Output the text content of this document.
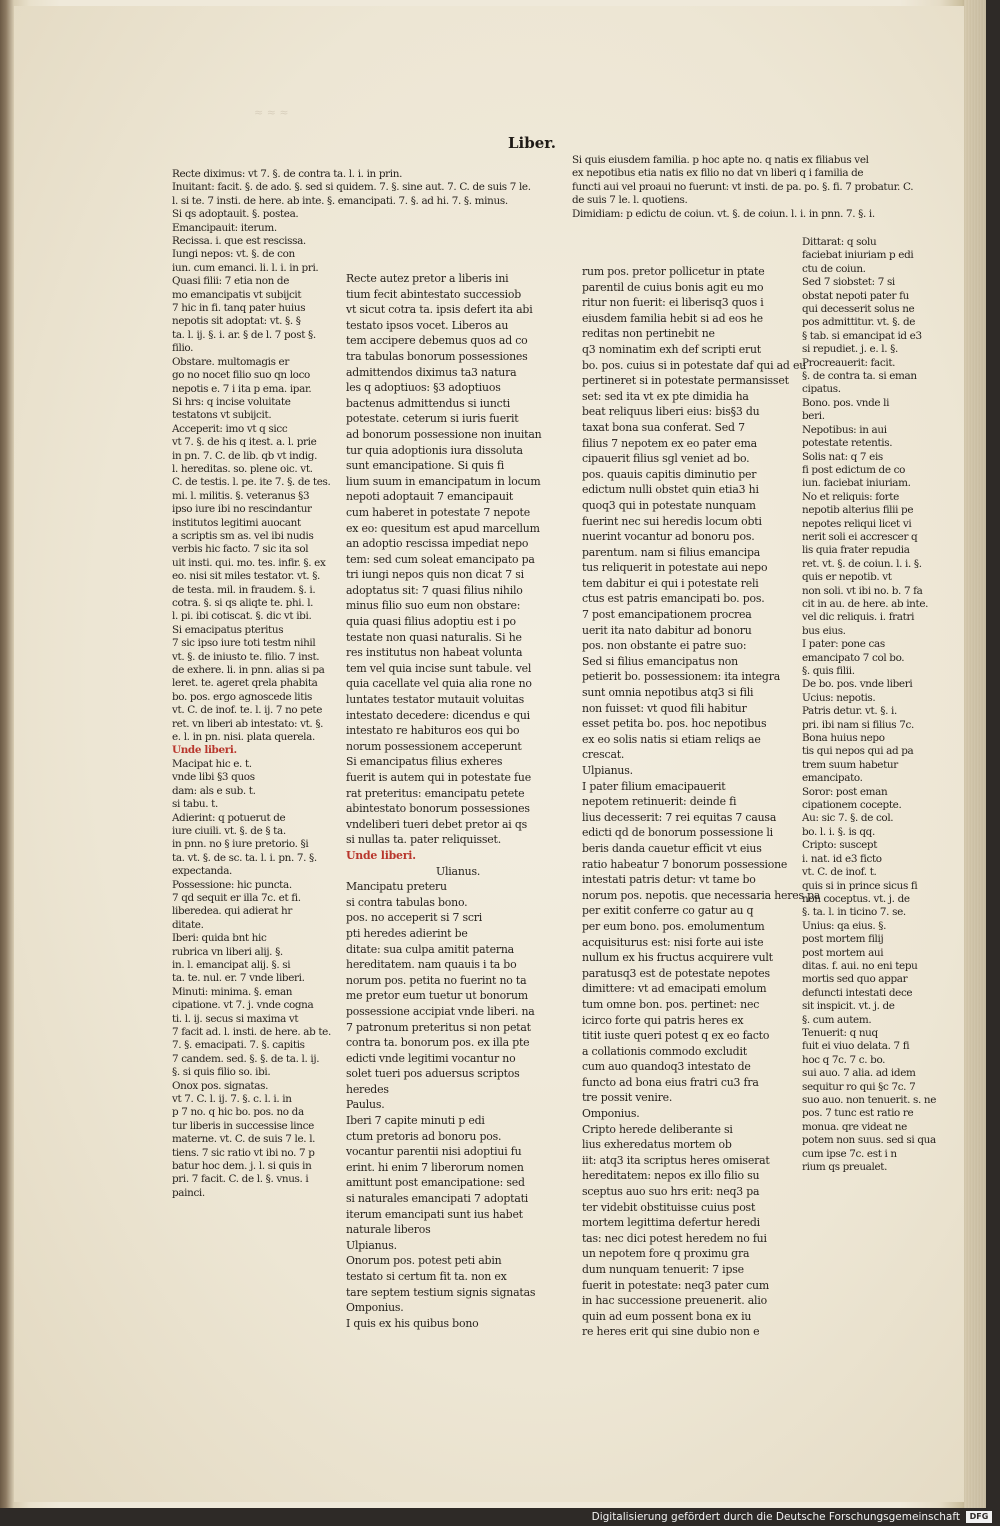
≈ ≈ ≈
Liber.

Si quis eiusdem familia. p hoc apte no. q natis ex filiabus vel

ex nepotibus etia natis ex filio no dat vn liberi q i familia de

functi aui vel proaui no fuerunt: vt insti. de pa. po. §. fi. 7 probatur. C.

de suis 7 le. l. quotiens.

Dimidiam: p edictu de coiun. vt. §. de coiun. l. i. in pnn. 7. §. i.

Recte diximus: vt 7. §. de contra ta. l. i. in prin.

Inuitant: facit. §. de ado. §. sed si quidem. 7. §. sine aut. 7. C. de suis 7 le.

l. si te. 7 insti. de here. ab inte. §. emancipati. 7. §. ad hi. 7. §. minus.

Si qs adoptauit. §. postea.

Emancipauit: iterum.

Recissa. i. que est rescissa.

Iungi nepos: vt. §. de con

iun. cum emanci. li. l. i. in pri.

Quasi filii: 7 etia non de

mo emancipatis vt subijcit

7 hic in fi. tanq pater huius

nepotis sit adoptat: vt. §. §

ta. l. ij. §. i. ar. § de l. 7 post §.

filio.

Obstare. multomagis er

go no nocet filio suo qn loco

nepotis e. 7 i ita p ema. ipar.

Si hrs: q incise voluitate

testatons vt subijcit.

Acceperit: imo vt q sicc

vt 7. §. de his q itest. a. l. prie

in pn. 7. C. de lib. qb vt indig.

l. hereditas. so. plene oic. vt.

C. de testis. l. pe. ite 7. §. de tes.

mi. l. militis. §. veteranus §3

ipso iure ibi no rescindantur

institutos legitimi auocant

a scriptis sm as. vel ibi nudis

verbis hic facto. 7 sic ita sol

uit insti. qui. mo. tes. infir. §. ex

eo. nisi sit miles testator. vt. §.

de testa. mil. in fraudem. §. i.

cotra. §. si qs aliqte te. phi. l.

l. pi. ibi cotiscat. §. dic vt ibi.

Si emacipatus pteritus

7 sic ipso iure toti testm nihil

vt. §. de iniusto te. filio. 7 inst.

de exhere. li. in pnn. alias si pa

leret. te. ageret qrela phabita

bo. pos. ergo agnoscede litis

vt. C. de inof. te. l. ij. 7 no pete

ret. vn liberi ab intestato: vt. §.

e. l. in pn. nisi. plata querela.

Unde liberi.

Macipat hic e. t.

vnde libi §3 quos

dam: als e sub. t.

si tabu. t.

Adierint: q potuerut de

iure ciuili. vt. §. de § ta.

in pnn. no § iure pretorio. §i

ta. vt. §. de sc. ta. l. i. pn. 7. §.

expectanda.

Possessione: hic puncta.

7 qd sequit er illa 7c. et fi.

liberedea. qui adierat hr

ditate.

Iberi: quida bnt hic

rubrica vn liberi alij. §.

in. l. emancipat alij. §. si

ta. te. nul. er. 7 vnde liberi.

Minuti: minima. §. eman

cipatione. vt 7. j. vnde cogna

ti. l. ij. secus si maxima vt

7 facit ad. l. insti. de here. ab te.

7. §. emacipati. 7. §. capitis

7 candem. sed. §. §. de ta. l. ij.

§. si quis filio so. ibi.

Onox pos. signatas.

vt 7. C. l. ij. 7. §. c. l. i. in

p 7 no. q hic bo. pos. no da

tur liberis in successise lince

materne. vt. C. de suis 7 le. l.

tiens. 7 sic ratio vt ibi no. 7 p

batur hoc dem. j. l. si quis in

pri. 7 facit. C. de l. §. vnus. i

painci.

Recte autez pretor a liberis ini

tium fecit abintestato successiob

vt sicut cotra ta. ipsis defert ita abi

testato ipsos vocet. Liberos au

tem accipere debemus quos ad co

tra tabulas bonorum possessiones

admittendos diximus ta3 natura

les q adoptiuos: §3 adoptiuos

bactenus admittendus si iuncti

potestate. ceterum si iuris fuerit

ad bonorum possessione non inuitan

tur quia adoptionis iura dissoluta

sunt emancipatione. Si quis fi

lium suum in emancipatum in locum

nepoti adoptauit 7 emancipauit

cum haberet in potestate 7 nepote

ex eo: quesitum est apud marcellum

an adoptio rescissa impediat nepo

tem: sed cum soleat emancipato pa

tri iungi nepos quis non dicat 7 si

adoptatus sit: 7 quasi filius nihilo

minus filio suo eum non obstare:

quia quasi filius adoptiu est i po

testate non quasi naturalis. Si he

res institutus non habeat volunta

tem vel quia incise sunt tabule. vel

quia cacellate vel quia alia rone no

luntates testator mutauit voluitas

intestato decedere: dicendus e qui

intestato re habituros eos qui bo

norum possessionem acceperunt

Si emancipatus filius exheres

fuerit is autem qui in potestate fue

rat preteritus: emancipatu petete

abintestato bonorum possessiones

vndeliberi tueri debet pretor ai qs

si nullas ta. pater reliquisset.

Unde liberi.

Ulianus.

Mancipatu preteru

si contra tabulas bono.

pos. no acceperit si 7 scri

pti heredes adierint be

ditate: sua culpa amitit paterna

hereditatem. nam quauis i ta bo

norum pos. petita no fuerint no ta

me pretor eum tuetur ut bonorum

possessione accipiat vnde liberi. na

7 patronum preteritus si non petat

contra ta. bonorum pos. ex illa pte

edicti vnde legitimi vocantur no

solet tueri pos aduersus scriptos

heredes

Paulus.

Iberi 7 capite minuti p edi

ctum pretoris ad bonoru pos.

vocantur parentii nisi adoptiui fu

erint. hi enim 7 liberorum nomen

amittunt post emancipatione: sed

si naturales emancipati 7 adoptati

iterum emancipati sunt ius habet

naturale liberos

Ulpianus.

Onorum pos. potest peti abin

testato si certum fit ta. non ex

tare septem testium signis signatas

Omponius.

I quis ex his quibus bono

rum pos. pretor pollicetur in ptate

parentil de cuius bonis agit eu mo

ritur non fuerit: ei liberisq3 quos i

eiusdem familia hebit si ad eos he

reditas non pertinebit ne

q3 nominatim exh def scripti erut

bo. pos. cuius si in potestate daf qui ad eu

pertineret si in potestate permansisset

set: sed ita vt ex pte dimidia ha

beat reliquus liberi eius: bis§3 du

taxat bona sua conferat. Sed 7

filius 7 nepotem ex eo pater ema

cipauerit filius sgl veniet ad bo.

pos. quauis capitis diminutio per

edictum nulli obstet quin etia3 hi

quoq3 qui in potestate nunquam

fuerint nec sui heredis locum obti

nuerint vocantur ad bonoru pos.

parentum. nam si filius emancipa

tus reliquerit in potestate aui nepo

tem dabitur ei qui i potestate reli

ctus est patris emancipati bo. pos.

7 post emancipationem procrea

uerit ita nato dabitur ad bonoru

pos. non obstante ei patre suo:

Sed si filius emancipatus non

petierit bo. possessionem: ita integra

sunt omnia nepotibus atq3 si fili

non fuisset: vt quod fili habitur

esset petita bo. pos. hoc nepotibus

ex eo solis natis si etiam reliqs ae

crescat.

Ulpianus.

I pater filium emacipauerit

nepotem retinuerit: deinde fi

lius decesserit: 7 rei equitas 7 causa

edicti qd de bonorum possessione li

beris danda cauetur efficit vt eius

ratio habeatur 7 bonorum possessione

intestati patris detur: vt tame bo

norum pos. nepotis. que necessaria heres pa

per exitit conferre co gatur au q

per eum bono. pos. emolumentum

acquisiturus est: nisi forte aui iste

nullum ex his fructus acquirere vult

paratusq3 est de potestate nepotes

dimittere: vt ad emacipati emolum

tum omne bon. pos. pertinet: nec

icirco forte qui patris heres ex

titit iuste queri potest q ex eo facto

a collationis commodo excludit

cum auo quandoq3 intestato de

functo ad bona eius fratri cu3 fra

tre possit venire.

Omponius.

Cripto herede deliberante si

lius exheredatus mortem ob

iit: atq3 ita scriptus heres omiserat

hereditatem: nepos ex illo filio su

sceptus auo suo hrs erit: neq3 pa

ter videbit obstituisse cuius post

mortem legittima defertur heredi

tas: nec dici potest heredem no fui

un nepotem fore q proximu gra

dum nunquam tenuerit: 7 ipse

fuerit in potestate: neq3 pater cum

in hac successione preuenerit. alio

quin ad eum possent bona ex iu

re heres erit qui sine dubio non e

Dittarat: q solu

faciebat iniuriam p edi

ctu de coiun.

Sed 7 siobstet: 7 si

obstat nepoti pater fu

qui decesserit solus ne

pos admittitur. vt. §. de

§ tab. si emancipat id e3

si repudiet. j. e. l. §.

Procreauerit: facit.

§. de contra ta. si eman

cipatus.

Bono. pos. vnde li

beri.

Nepotibus: in aui

potestate retentis.

Solis nat: q 7 eis

fi post edictum de co

iun. faciebat iniuriam.

No et reliquis: forte

nepotib alterius filii pe

nepotes reliqui licet vi

nerit soli ei accrescer q

lis quia frater repudia

ret. vt. §. de coiun. l. i. §.

quis er nepotib. vt

non soli. vt ibi no. b. 7 fa

cit in au. de here. ab inte.

vel dic reliquis. i. fratri

bus eius.

I pater: pone cas

emancipato 7 col bo.

§. quis filii.

De bo. pos. vnde liberi

Ucius: nepotis.

Patris detur. vt. §. i.

pri. ibi nam si filius 7c.

Bona huius nepo

tis qui nepos qui ad pa

trem suum habetur

emancipato.

Soror: post eman

cipationem cocepte.

Au: sic 7. §. de col.

bo. l. i. §. is qq.

Cripto: suscept

i. nat. id e3 ficto

vt. C. de inof. t.

quis si in prince sicus fi

non coceptus. vt. j. de

§. ta. l. in ticino 7. se.

Unius: qa eius. §.

post mortem filij

post mortem aui

ditas. f. aui. no eni tepu

mortis sed quo appar

defuncti intestati dece

sit inspicit. vt. j. de

§. cum autem.

Tenuerit: q nuq

fuit ei viuo delata. 7 fi

hoc q 7c. 7 c. bo.

sui auo. 7 alia. ad idem

sequitur ro qui §c 7c. 7

suo auo. non tenuerit. s. ne

pos. 7 tunc est ratio re

monua. qre videat ne

potem non suus. sed si qua

cum ipse 7c. est i n

rium qs preualet.

Digitalisierung gefördert durch die Deutsche Forschungsgemeinschaft	DFG
